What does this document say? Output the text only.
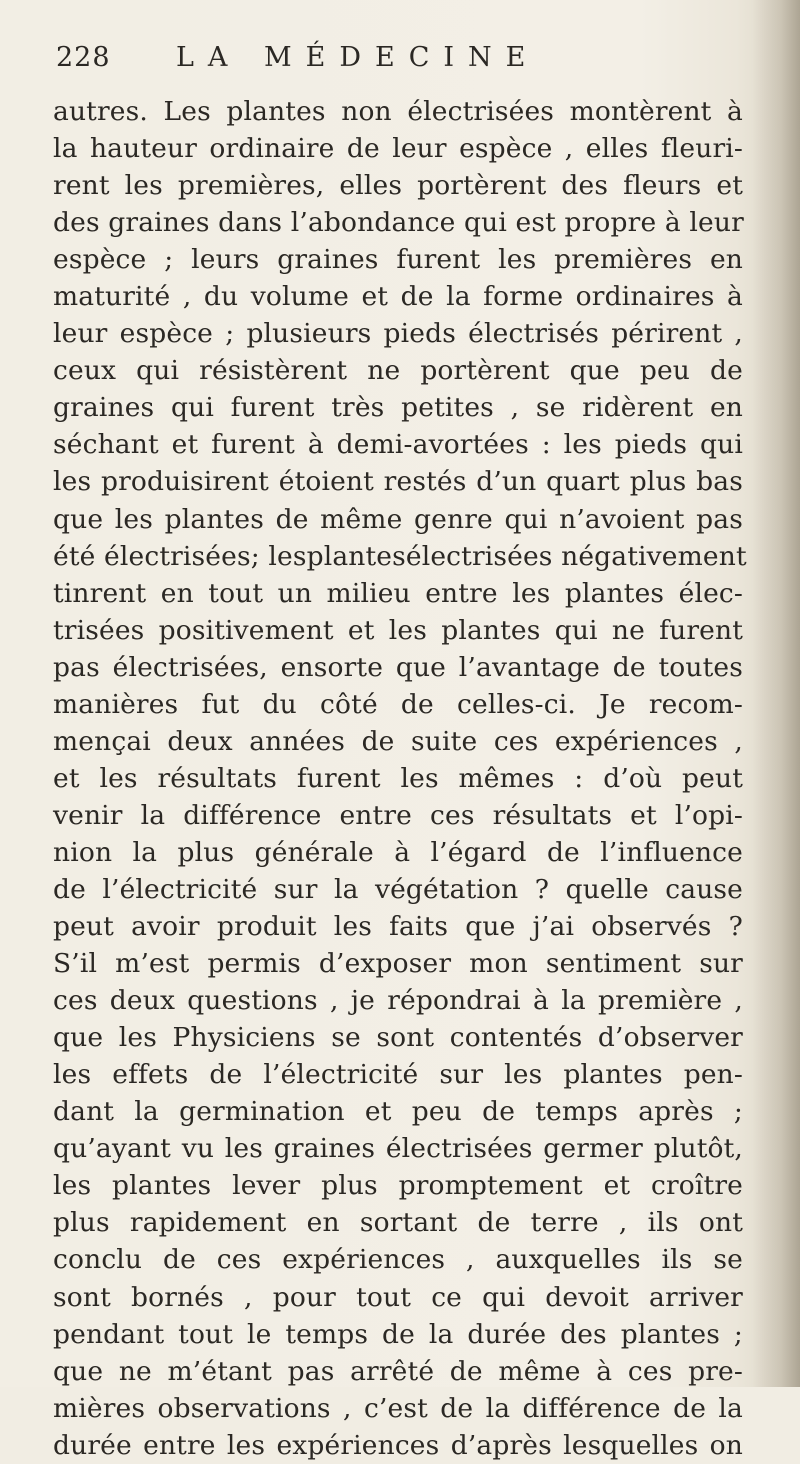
228	LA MÉDECINE
autres. Les plantes non électrisées montèrent à
la hauteur ordinaire de leur espèce , elles fleuri-
rent les premières, elles portèrent des fleurs et
des graines dans l’abondance qui est propre à leur
espèce ; leurs graines furent les premières en
maturité , du volume et de la forme ordinaires à
leur espèce ; plusieurs pieds électrisés périrent ,
ceux qui résistèrent ne portèrent que peu de
graines qui furent très petites , se ridèrent en
séchant et furent à demi-avortées : les pieds qui
les produisirent étoient restés d’un quart plus bas
que les plantes de même genre qui n’avoient pas
été électrisées; lesplantesélectrisées négativement
tinrent en tout un milieu entre les plantes élec-
trisées positivement et les plantes qui ne furent
pas électrisées, ensorte que l’avantage de toutes
manières fut du côté de celles-ci. Je recom-
mençai deux années de suite ces expériences ,
et les résultats furent les mêmes : d’où peut
venir la différence entre ces résultats et l’opi-
nion la plus générale à l’égard de l’influence
de l’électricité sur la végétation ? quelle cause
peut avoir produit les faits que j’ai observés ?
S’il m’est permis d’exposer mon sentiment sur
ces deux questions , je répondrai à la première ,
que les Physiciens se sont contentés d’observer
les effets de l’électricité sur les plantes pen-
dant la germination et peu de temps après ;
qu’ayant vu les graines électrisées germer plutôt,
les plantes lever plus promptement et croître
plus rapidement en sortant de terre , ils ont
conclu de ces expériences , auxquelles ils se
sont bornés , pour tout ce qui devoit arriver
pendant tout le temps de la durée des plantes ;
que ne m’étant pas arrêté de même à ces pre-
mières observations , c’est de la différence de la
durée entre les expériences d’après lesquelles on
